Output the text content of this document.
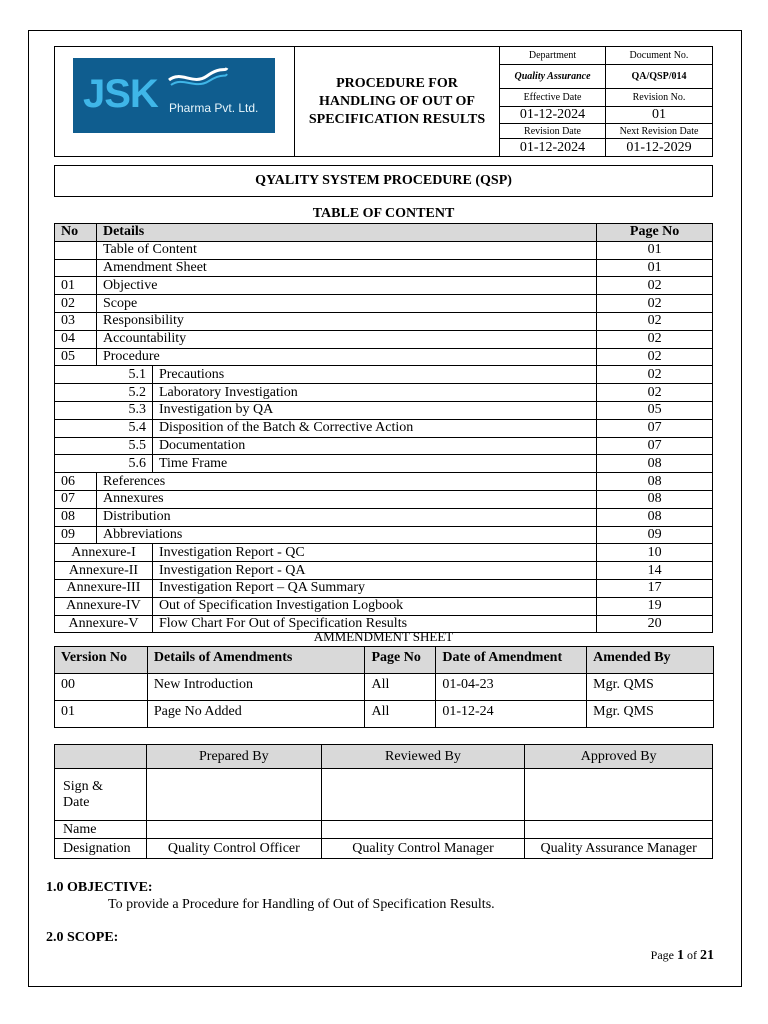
JSK Pharma Pvt. Ltd.
PROCEDURE FOR HANDLING OF OUT OF SPECIFICATION RESULTS
Department	Document No.
Quality Assurance	QA/QSP/014
Effective Date	Revision No.
01-12-2024	01
Revision Date	Next Revision Date
01-12-2024	01-12-2029
QYALITY SYSTEM PROCEDURE (QSP)
TABLE OF CONTENT
No	Details		Page No
	Table of Content		01
	Amendment Sheet		01
01	Objective		02
02	Scope		02
03	Responsibility		02
04	Accountability		02
05	Procedure		02
5.1		Precautions	02
5.2		Laboratory Investigation	02
5.3		Investigation by QA	05
5.4		Disposition of the Batch & Corrective Action	07
5.5		Documentation	07
5.6		Time Frame	08
06	References		08
07	Annexures		08
08	Distribution		08
09	Abbreviations		09
Annexure-I		Investigation Report - QC	10
Annexure-II		Investigation Report - QA	14
Annexure-III		Investigation Report – QA Summary	17
Annexure-IV		Out of Specification Investigation Logbook	19
Annexure-V		Flow Chart For Out of Specification Results	20
AMMENDMENT SHEET
Version No	Details of Amendments	Page No	Date of Amendment	Amended By
00	New Introduction	All	01-04-23	Mgr. QMS
01	Page No Added	All	01-12-24	Mgr. QMS
	Prepared By	Reviewed By	Approved By
Sign &
Date			
Name			
Designation	Quality Control Officer	Quality Control Manager	Quality Assurance Manager
1.0 OBJECTIVE:
To provide a Procedure for Handling of Out of Specification Results.
2.0 SCOPE:
Page 1 of 21
